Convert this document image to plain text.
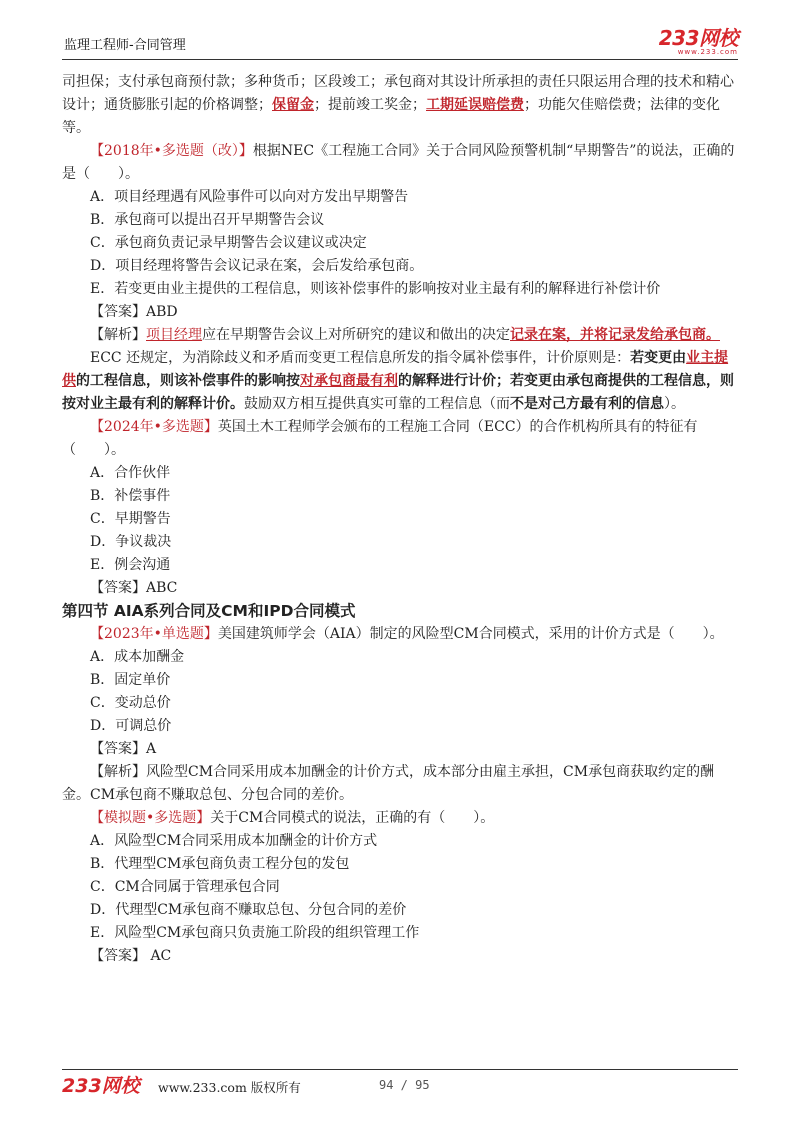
监理工程师-合同管理	233网校
www.233.com

司担保；支付承包商预付款；多种货币；区段竣工；承包商对其设计所承担的责任只限运用合理的技术和精心设计；通货膨胀引起的价格调整；保留金；提前竣工奖金；工期延误赔偿费；功能欠佳赔偿费；法律的变化等。

【2018年•多选题（改）】根据NEC《工程施工合同》关于合同风险预警机制“早期警告”的说法，正确的是（　　）。

A．项目经理遇有风险事件可以向对方发出早期警告

B．承包商可以提出召开早期警告会议

C．承包商负责记录早期警告会议建议或决定

D．项目经理将警告会议记录在案，会后发给承包商。

E．若变更由业主提供的工程信息，则该补偿事件的影响按对业主最有利的解释进行补偿计价

【答案】ABD

【解析】项目经理应在早期警告会议上对所研究的建议和做出的决定记录在案，并将记录发给承包商。

ECC 还规定，为消除歧义和矛盾而变更工程信息所发的指令属补偿事件，计价原则是：若变更由业主提供的工程信息，则该补偿事件的影响按对承包商最有利的解释进行计价；若变更由承包商提供的工程信息，则按对业主最有利的解释计价。鼓励双方相互提供真实可靠的工程信息（而不是对己方最有利的信息）。

【2024年•多选题】英国土木工程师学会颁布的工程施工合同（ECC）的合作机构所具有的特征有（　　）。

A．合作伙伴

B．补偿事件

C．早期警告

D．争议裁决

E．例会沟通

【答案】ABC

第四节 AIA系列合同及CM和IPD合同模式

【2023年•单选题】美国建筑师学会（AIA）制定的风险型CM合同模式，采用的计价方式是（　　）。

A．成本加酬金

B．固定单价

C．变动总价

D．可调总价

【答案】A

【解析】风险型CM合同采用成本加酬金的计价方式，成本部分由雇主承担，CM承包商获取约定的酬金。CM承包商不赚取总包、分包合同的差价。

【模拟题•多选题】关于CM合同模式的说法，正确的有（　　）。

A．风险型CM合同采用成本加酬金的计价方式

B．代理型CM承包商负责工程分包的发包

C．CM合同属于管理承包合同

D．代理型CM承包商不赚取总包、分包合同的差价

E．风险型CM承包商只负责施工阶段的组织管理工作

【答案】 AC

233网校 www.233.com 版权所有	94 / 95
